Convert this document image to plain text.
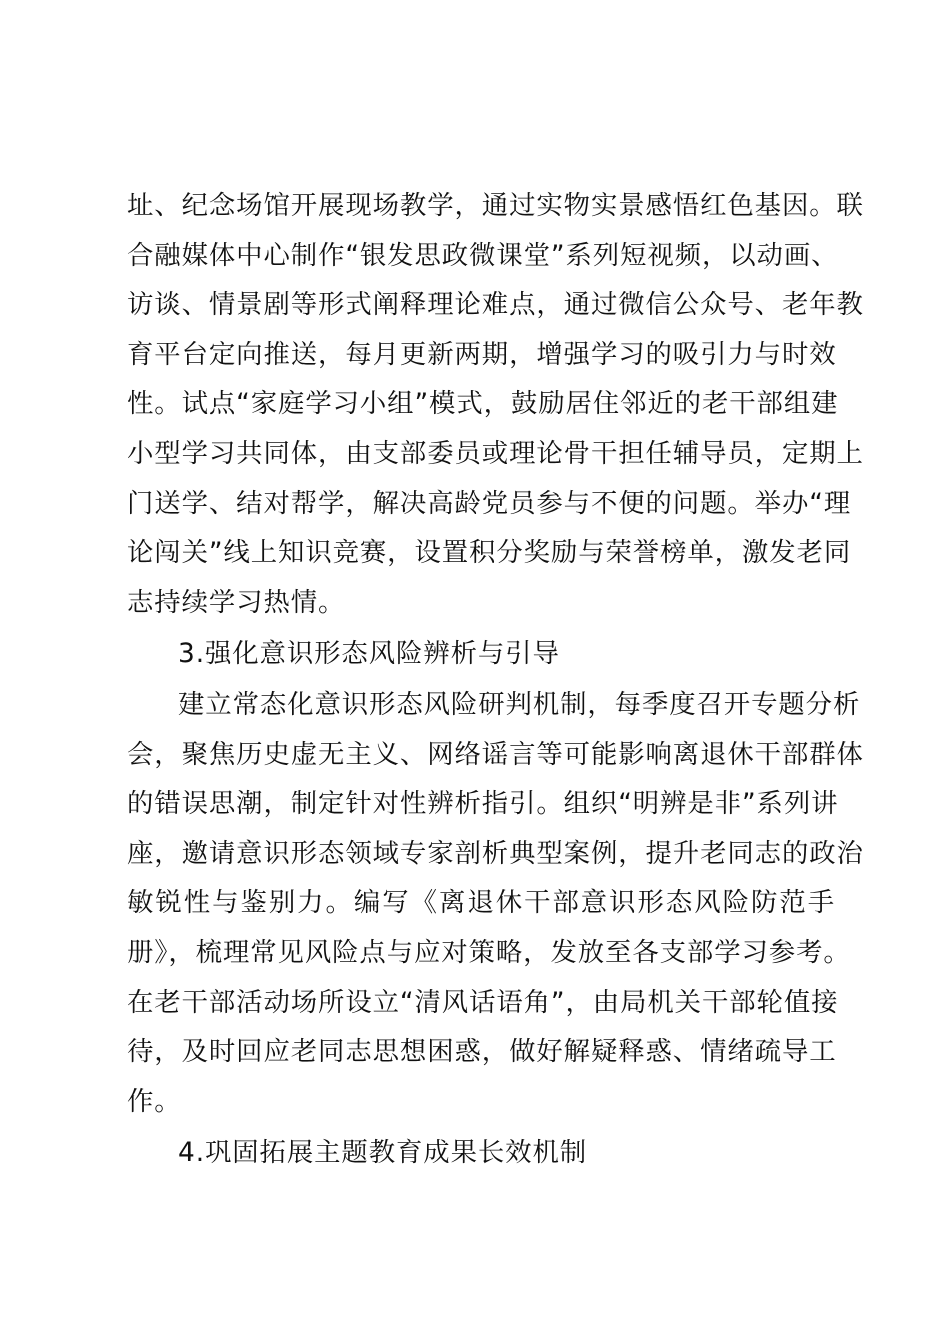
址、纪念场馆开展现场教学，通过实物实景感悟红色基因。联
合融媒体中心制作“银发思政微课堂”系列短视频，以动画、
访谈、情景剧等形式阐释理论难点，通过微信公众号、老年教
育平台定向推送，每月更新两期，增强学习的吸引力与时效
性。试点“家庭学习小组”模式，鼓励居住邻近的老干部组建
小型学习共同体，由支部委员或理论骨干担任辅导员，定期上
门送学、结对帮学，解决高龄党员参与不便的问题。举办“理
论闯关”线上知识竞赛，设置积分奖励与荣誉榜单，激发老同
志持续学习热情。
3.强化意识形态风险辨析与引导
建立常态化意识形态风险研判机制，每季度召开专题分析
会，聚焦历史虚无主义、网络谣言等可能影响离退休干部群体
的错误思潮，制定针对性辨析指引。组织“明辨是非”系列讲
座，邀请意识形态领域专家剖析典型案例，提升老同志的政治
敏锐性与鉴别力。编写《离退休干部意识形态风险防范手
册》，梳理常见风险点与应对策略，发放至各支部学习参考。
在老干部活动场所设立“清风话语角”，由局机关干部轮值接
待，及时回应老同志思想困惑，做好解疑释惑、情绪疏导工
作。
4.巩固拓展主题教育成果长效机制
